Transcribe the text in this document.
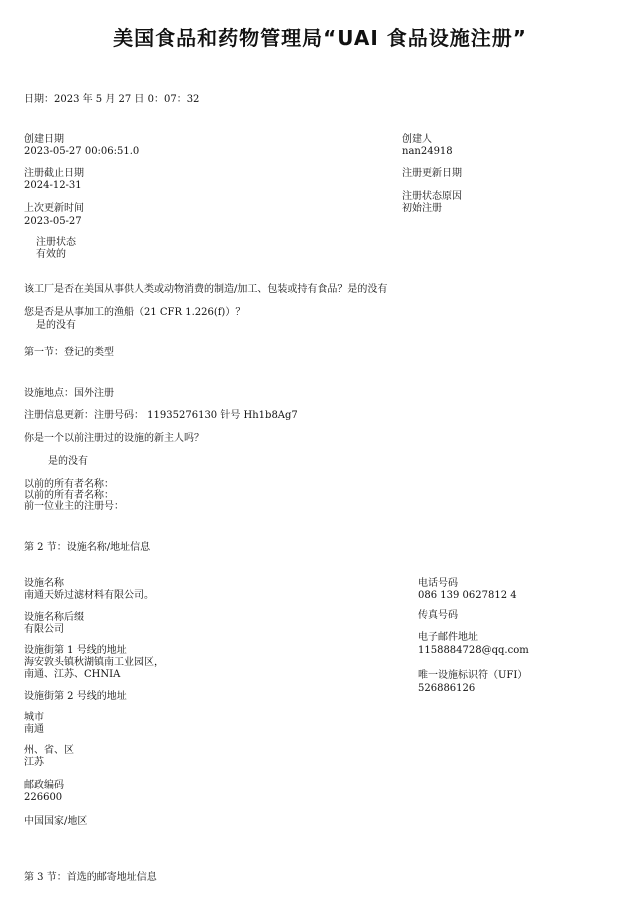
美国食品和药物管理局“UAI 食品设施注册”
日期：2023 年 5 月 27 日 0：07：32
创建日期
2023-05-27 00:06:51.0
创建人
nan24918
注册截止日期
2024-12-31
注册更新日期
注册状态原因
初始注册
上次更新时间
2023-05-27
注册状态
有效的
该工厂是否在美国从事供人类或动物消费的制造/加工、包装或持有食品？是的没有
您是否是从事加工的渔船（21 CFR 1.226(f)）？
是的没有
第一节：登记的类型
设施地点：国外注册
注册信息更新：注册号码： 11935276130 针号 Hh1b8Ag7
你是一个以前注册过的设施的新主人吗？
是的没有
以前的所有者名称：
以前的所有者名称：
前一位业主的注册号：
第 2 节：设施名称/地址信息
设施名称
南通天娇过滤材料有限公司。
设施名称后缀
有限公司
设施街第 1 号线的地址
海安敦头镇秋湖镇南工业园区，
南通、江苏、CHNIA
设施街第 2 号线的地址
城市
南通
州、省、区
江苏
邮政编码
226600
中国国家/地区
电话号码
086 139 0627812 4
传真号码
电子邮件地址
1158884728@qq.com
唯一设施标识符（UFI）
526886126
第 3 节：首选的邮寄地址信息
